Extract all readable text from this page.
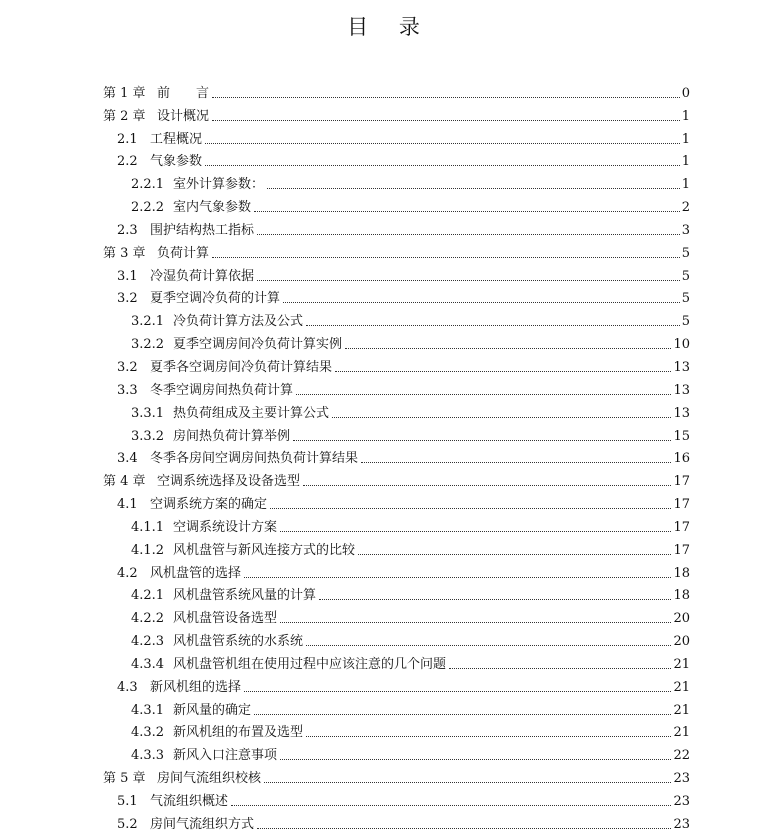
目 录
第 1 章 前　　言	0
第 2 章 设计概况	1
2.1 工程概况	1
2.2 气象参数	1
2.2.1 室外计算参数：	1
2.2.2 室内气象参数	2
2.3 围护结构热工指标	3
第 3 章 负荷计算	5
3.1 冷湿负荷计算依据	5
3.2 夏季空调冷负荷的计算	5
3.2.1 冷负荷计算方法及公式	5
3.2.2 夏季空调房间冷负荷计算实例	10
3.2 夏季各空调房间冷负荷计算结果	13
3.3 冬季空调房间热负荷计算	13
3.3.1 热负荷组成及主要计算公式	13
3.3.2 房间热负荷计算举例	15
3.4 冬季各房间空调房间热负荷计算结果	16
第 4 章 空调系统选择及设备选型	17
4.1 空调系统方案的确定	17
4.1.1 空调系统设计方案	17
4.1.2 风机盘管与新风连接方式的比较	17
4.2 风机盘管的选择	18
4.2.1 风机盘管系统风量的计算	18
4.2.2 风机盘管设备选型	20
4.2.3 风机盘管系统的水系统	20
4.3.4 风机盘管机组在使用过程中应该注意的几个问题	21
4.3 新风机组的选择	21
4.3.1 新风量的确定	21
4.3.2 新风机组的布置及选型	21
4.3.3 新风入口注意事项	22
第 5 章 房间气流组织校核	23
5.1 气流组织概述	23
5.2 房间气流组织方式	23
